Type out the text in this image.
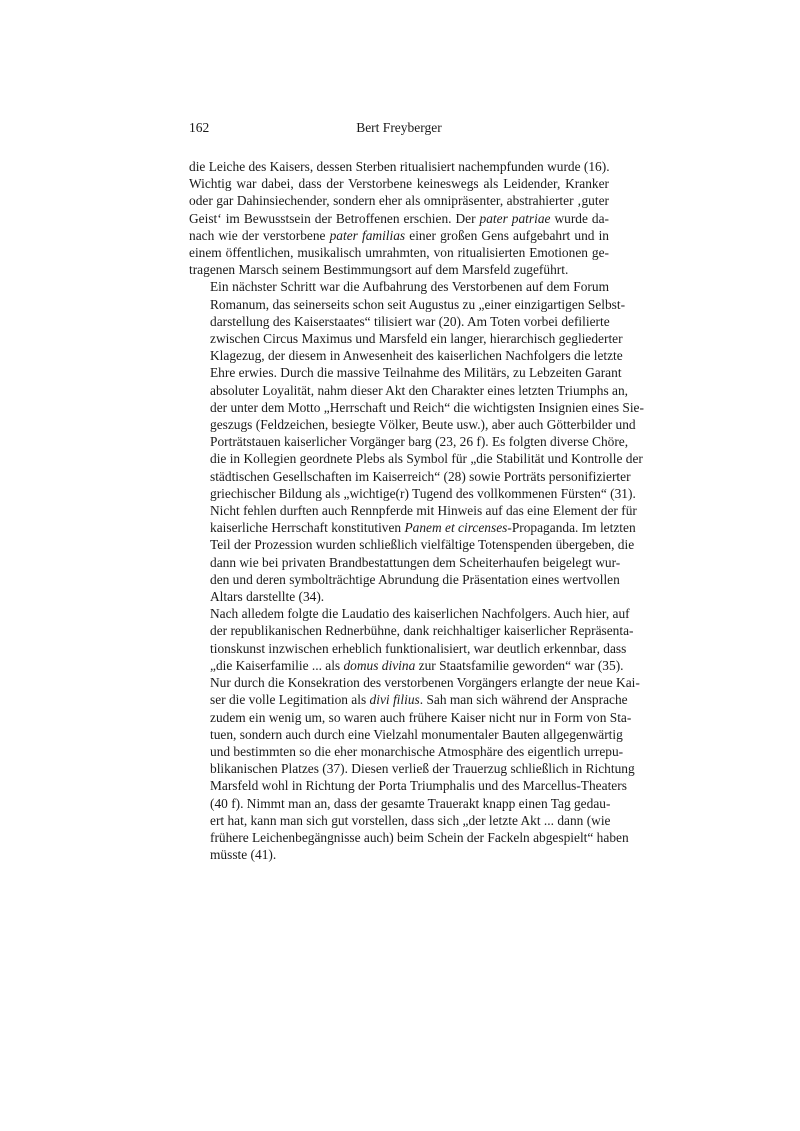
162	Bert Freyberger
die Leiche des Kaisers, dessen Sterben ritualisiert nachempfunden wurde (16).
Wichtig war dabei, dass der Verstorbene keineswegs als Leidender, Kranker
oder gar Dahinsiechender, sondern eher als omnipräsenter, abstrahierter ‚guter
Geist‘ im Bewusstsein der Betroffenen erschien. Der pater patriae wurde da-
nach wie der verstorbene pater familias einer großen Gens aufgebahrt und in
einem öffentlichen, musikalisch umrahmten, von ritualisierten Emotionen ge-
tragenen Marsch seinem Bestimmungsort auf dem Marsfeld zugeführt.
Ein nächster Schritt war die Aufbahrung des Verstorbenen auf dem Forum
Romanum, das seinerseits schon seit Augustus zu „einer einzigartigen Selbst-
darstellung des Kaiserstaates“ tilisiert war (20). Am Toten vorbei defilierte
zwischen Circus Maximus und Marsfeld ein langer, hierarchisch gegliederter
Klagezug, der diesem in Anwesenheit des kaiserlichen Nachfolgers die letzte
Ehre erwies. Durch die massive Teilnahme des Militärs, zu Lebzeiten Garant
absoluter Loyalität, nahm dieser Akt den Charakter eines letzten Triumphs an,
der unter dem Motto „Herrschaft und Reich“ die wichtigsten Insignien eines Sie-
geszugs (Feldzeichen, besiegte Völker, Beute usw.), aber auch Götterbilder und
Porträtstauen kaiserlicher Vorgänger barg (23, 26 f). Es folgten diverse Chöre,
die in Kollegien geordnete Plebs als Symbol für „die Stabilität und Kontrolle der
städtischen Gesellschaften im Kaiserreich“ (28) sowie Porträts personifizierter
griechischer Bildung als „wichtige(r) Tugend des vollkommenen Fürsten“ (31).
Nicht fehlen durften auch Rennpferde mit Hinweis auf das eine Element der für
kaiserliche Herrschaft konstitutiven Panem et circenses-Propaganda. Im letzten
Teil der Prozession wurden schließlich vielfältige Totenspenden übergeben, die
dann wie bei privaten Brandbestattungen dem Scheiterhaufen beigelegt wur-
den und deren symbolträchtige Abrundung die Präsentation eines wertvollen
Altars darstellte (34).
Nach alledem folgte die Laudatio des kaiserlichen Nachfolgers. Auch hier, auf
der republikanischen Rednerbühne, dank reichhaltiger kaiserlicher Repräsenta-
tionskunst inzwischen erheblich funktionalisiert, war deutlich erkennbar, dass
„die Kaiserfamilie ... als domus divina zur Staatsfamilie geworden“ war (35).
Nur durch die Konsekration des verstorbenen Vorgängers erlangte der neue Kai-
ser die volle Legitimation als divi filius. Sah man sich während der Ansprache
zudem ein wenig um, so waren auch frühere Kaiser nicht nur in Form von Sta-
tuen, sondern auch durch eine Vielzahl monumentaler Bauten allgegenwärtig
und bestimmten so die eher monarchische Atmosphäre des eigentlich urrepu-
blikanischen Platzes (37). Diesen verließ der Trauerzug schließlich in Richtung
Marsfeld wohl in Richtung der Porta Triumphalis und des Marcellus-Theaters
(40 f). Nimmt man an, dass der gesamte Trauerakt knapp einen Tag gedau-
ert hat, kann man sich gut vorstellen, dass sich „der letzte Akt ... dann (wie
frühere Leichenbegängnisse auch) beim Schein der Fackeln abgespielt“ haben
müsste (41).
